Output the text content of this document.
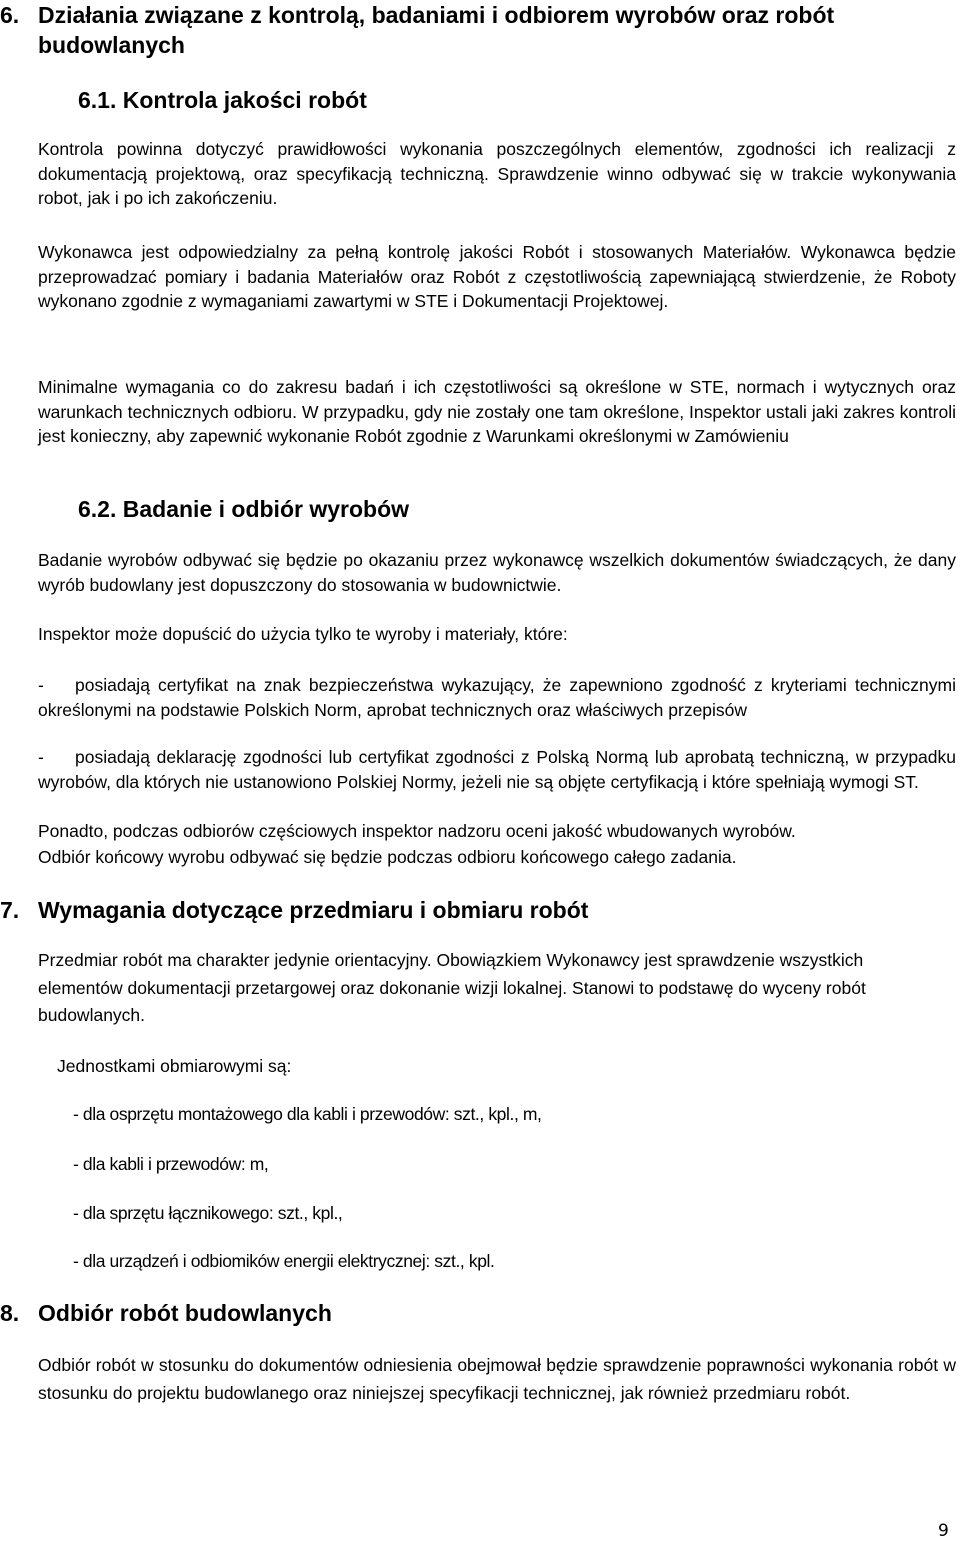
6. Działania związane z kontrolą, badaniami i odbiorem wyrobów oraz robót budowlanych
6.1. Kontrola jakości robót

Kontrola powinna dotyczyć prawidłowości wykonania poszczególnych elementów, zgodności ich realizacji z dokumentacją projektową, oraz specyfikacją techniczną. Sprawdzenie winno odbywać się w trakcie wykonywania robot, jak i po ich zakończeniu.

Wykonawca jest odpowiedzialny za pełną kontrolę jakości Robót i stosowanych Materiałów. Wykonawca będzie przeprowadzać pomiary i badania Materiałów oraz Robót z częstotliwością zapewniającą stwierdzenie, że Roboty wykonano zgodnie z wymaganiami zawartymi w STE i Dokumentacji Projektowej.

Minimalne wymagania co do zakresu badań i ich częstotliwości są określone w STE, normach i wytycznych oraz warunkach technicznych odbioru. W przypadku, gdy nie zostały one tam określone, Inspektor ustali jaki zakres kontroli jest konieczny, aby zapewnić wykonanie Robót zgodnie z Warunkami określonymi w Zamówieniu

6.2. Badanie i odbiór wyrobów

Badanie wyrobów odbywać się będzie po okazaniu przez wykonawcę wszelkich dokumentów świadczących, że dany wyrób budowlany jest dopuszczony do stosowania w budownictwie.

Inspektor może dopuścić do użycia tylko te wyroby i materiały, które:

- posiadają certyfikat na znak bezpieczeństwa wykazujący, że zapewniono zgodność z kryteriami technicznymi określonymi na podstawie Polskich Norm, aprobat technicznych oraz właściwych przepisów

- posiadają deklarację zgodności lub certyfikat zgodności z Polską Normą lub aprobatą techniczną, w przypadku wyrobów, dla których nie ustanowiono Polskiej Normy, jeżeli nie są objęte certyfikacją i które spełniają wymogi ST.

Ponadto, podczas odbiorów częściowych inspektor nadzoru oceni jakość wbudowanych wyrobów.

Odbiór końcowy wyrobu odbywać się będzie podczas odbioru końcowego całego zadania.

7. Wymagania dotyczące przedmiaru i obmiaru robót

Przedmiar robót ma charakter jedynie orientacyjny. Obowiązkiem Wykonawcy jest sprawdzenie wszystkich elementów dokumentacji przetargowej oraz dokonanie wizji lokalnej. Stanowi to podstawę do wyceny robót budowlanych.

Jednostkami obmiarowymi są:

- dla osprzętu montażowego dla kabli i przewodów: szt., kpl., m,

- dla kabli i przewodów: m,

- dla sprzętu łącznikowego: szt., kpl.,

- dla urządzeń i odbiomików energii elektrycznej: szt., kpl.

8. Odbiór robót budowlanych

Odbiór robót w stosunku do dokumentów odniesienia obejmował będzie sprawdzenie poprawności wykonania robót w stosunku do projektu budowlanego oraz niniejszej specyfikacji technicznej, jak również przedmiaru robót.

9
